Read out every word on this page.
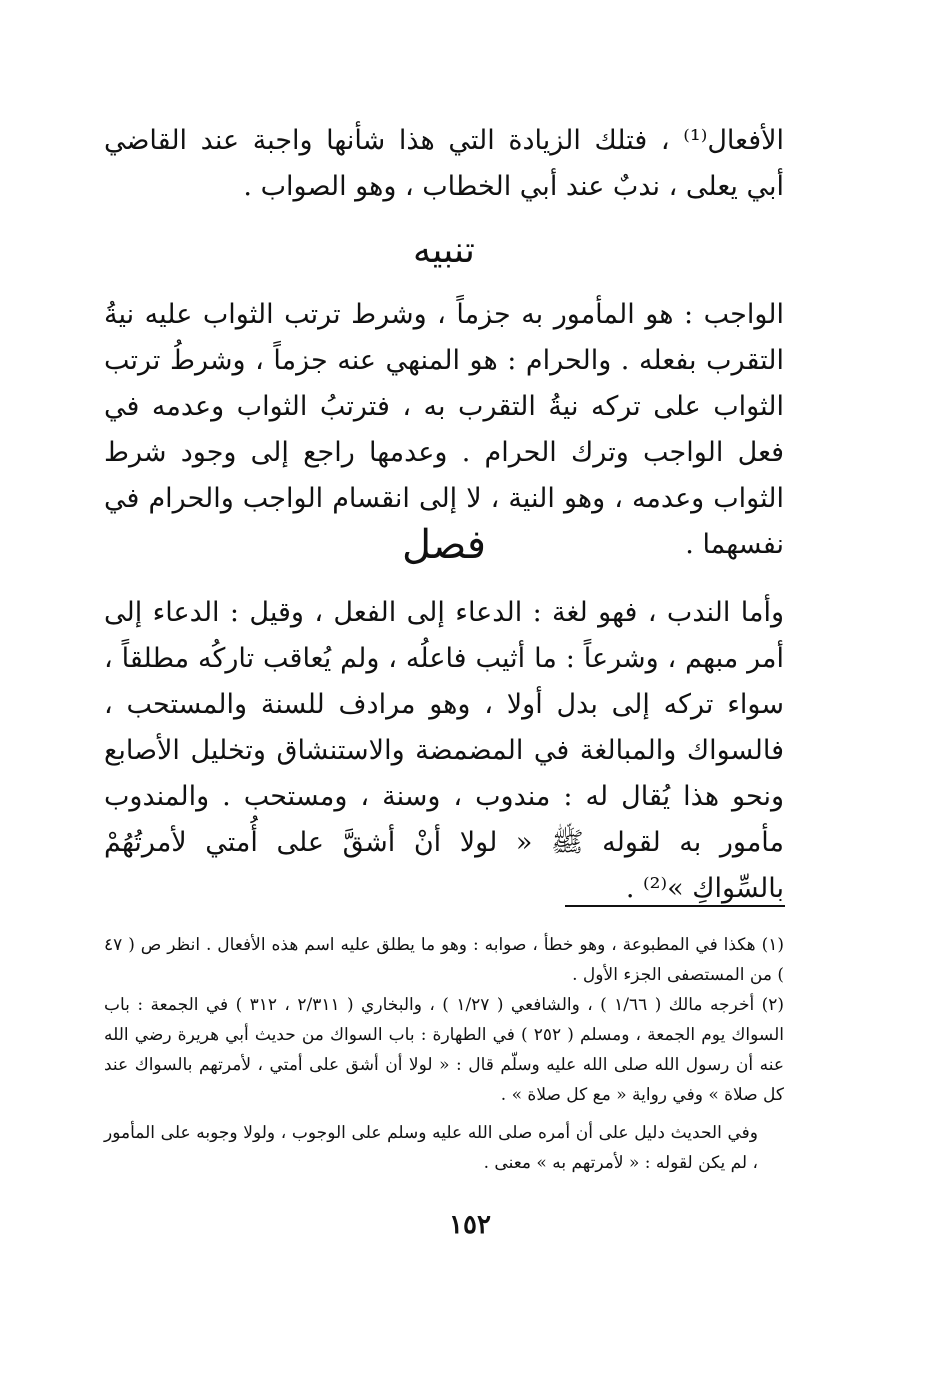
الأفعال⁽¹⁾ ، فتلك الزيادة التي هذا شأنها واجبة عند القاضي أبي يعلى ، ندبٌ عند أبي الخطاب ، وهو الصواب .

تنبيه

الواجب : هو المأمور به جزماً ، وشرط ترتب الثواب عليه نيةُ التقرب بفعله . والحرام : هو المنهي عنه جزماً ، وشرطُ ترتب الثواب على تركه نيةُ التقرب به ، فترتبُ الثواب وعدمه في فعل الواجب وترك الحرام . وعدمها راجع إلى وجود شرط الثواب وعدمه ، وهو النية ، لا إلى انقسام الواجب والحرام في نفسهما .

فصل

وأما الندب ، فهو لغة : الدعاء إلى الفعل ، وقيل : الدعاء إلى أمر مبهم ، وشرعاً : ما أثيب فاعلُه ، ولم يُعاقب تاركُه مطلقاً ، سواء تركه إلى بدل أولا ، وهو مرادف للسنة والمستحب ، فالسواك والمبالغة في المضمضة والاستنشاق وتخليل الأصابع ونحو هذا يُقال له : مندوب ، وسنة ، ومستحب . والمندوب مأمور به لقوله ﷺ « لولا أنْ أشقَّ على أُمتي لأمرتُهُمْ بالسِّواكِ »⁽²⁾ .

(١) هكذا في المطبوعة ، وهو خطأ ، صوابه : وهو ما يطلق عليه اسم هذه الأفعال . انظر ص ( ٤٧ ) من المستصفى الجزء الأول .

(٢) أخرجه مالك ( ١/٦٦ ) ، والشافعي ( ١/٢٧ ) ، والبخاري ( ٢/٣١١ ، ٣١٢ ) في الجمعة : باب السواك يوم الجمعة ، ومسلم ( ٢٥٢ ) في الطهارة : باب السواك من حديث أبي هريرة رضي الله عنه أن رسول الله صلى الله عليه وسلّم قال : « لولا أن أشق على أمتي ، لأمرتهم بالسواك عند كل صلاة » وفي رواية « مع كل صلاة » .

وفي الحديث دليل على أن أمره صلى الله عليه وسلم على الوجوب ، ولولا وجوبه على المأمور ، لم يكن لقوله : « لأمرتهم به » معنى .

١٥٢
